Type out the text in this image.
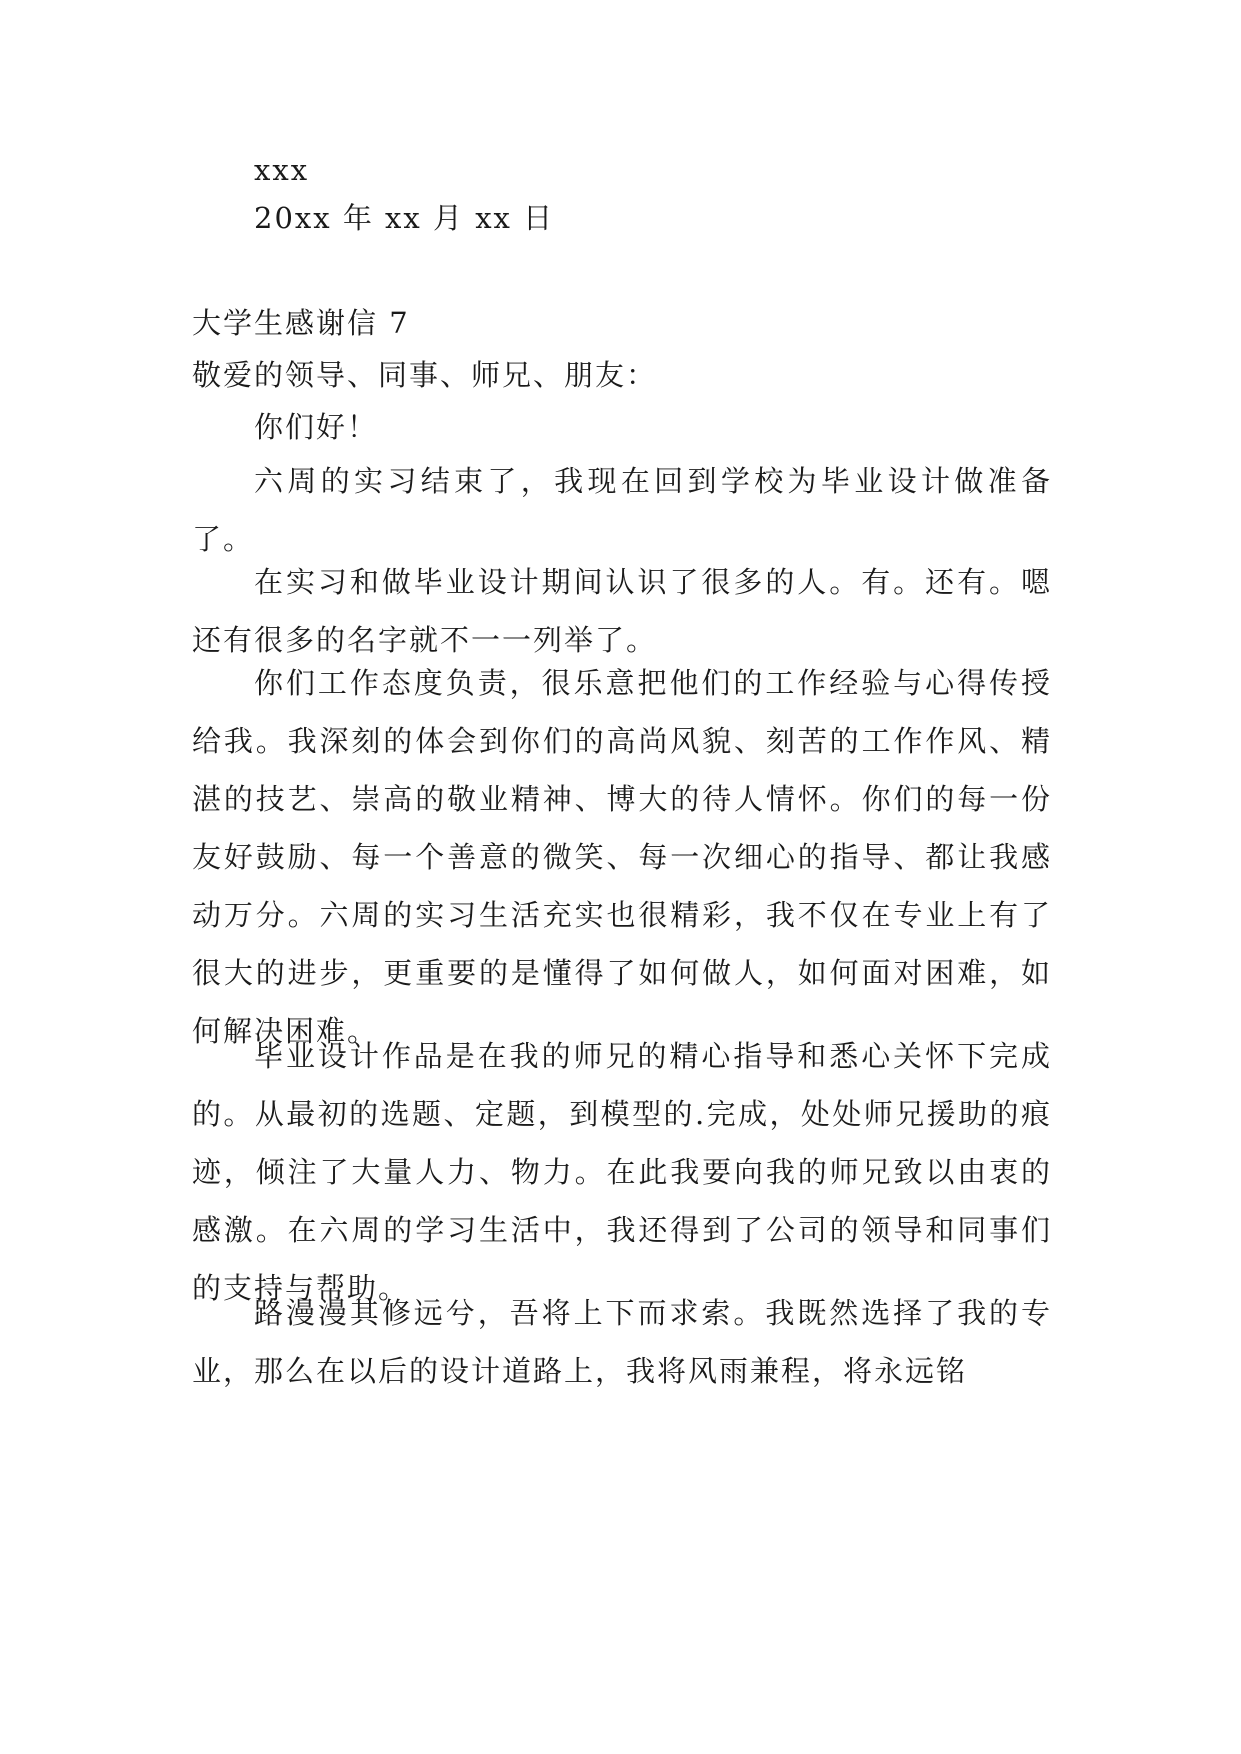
xxx
20xx 年 xx 月 xx 日
大学生感谢信 7
敬爱的领导、同事、师兄、朋友：
你们好！
六周的实习结束了，我现在回到学校为毕业设计做准备了。
在实习和做毕业设计期间认识了很多的人。有。还有。嗯还有很多的名字就不一一列举了。
你们工作态度负责，很乐意把他们的工作经验与心得传授给我。我深刻的体会到你们的高尚风貌、刻苦的工作作风、精湛的技艺、崇高的敬业精神、博大的待人情怀。你们的每一份友好鼓励、每一个善意的微笑、每一次细心的指导、都让我感动万分。六周的实习生活充实也很精彩，我不仅在专业上有了很大的进步，更重要的是懂得了如何做人，如何面对困难，如何解决困难。
毕业设计作品是在我的师兄的精心指导和悉心关怀下完成的。从最初的选题、定题，到模型的.完成，处处师兄援助的痕迹，倾注了大量人力、物力。在此我要向我的师兄致以由衷的感激。在六周的学习生活中，我还得到了公司的领导和同事们的支持与帮助。
路漫漫其修远兮，吾将上下而求索。我既然选择了我的专业，那么在以后的设计道路上，我将风雨兼程，将永远铭
